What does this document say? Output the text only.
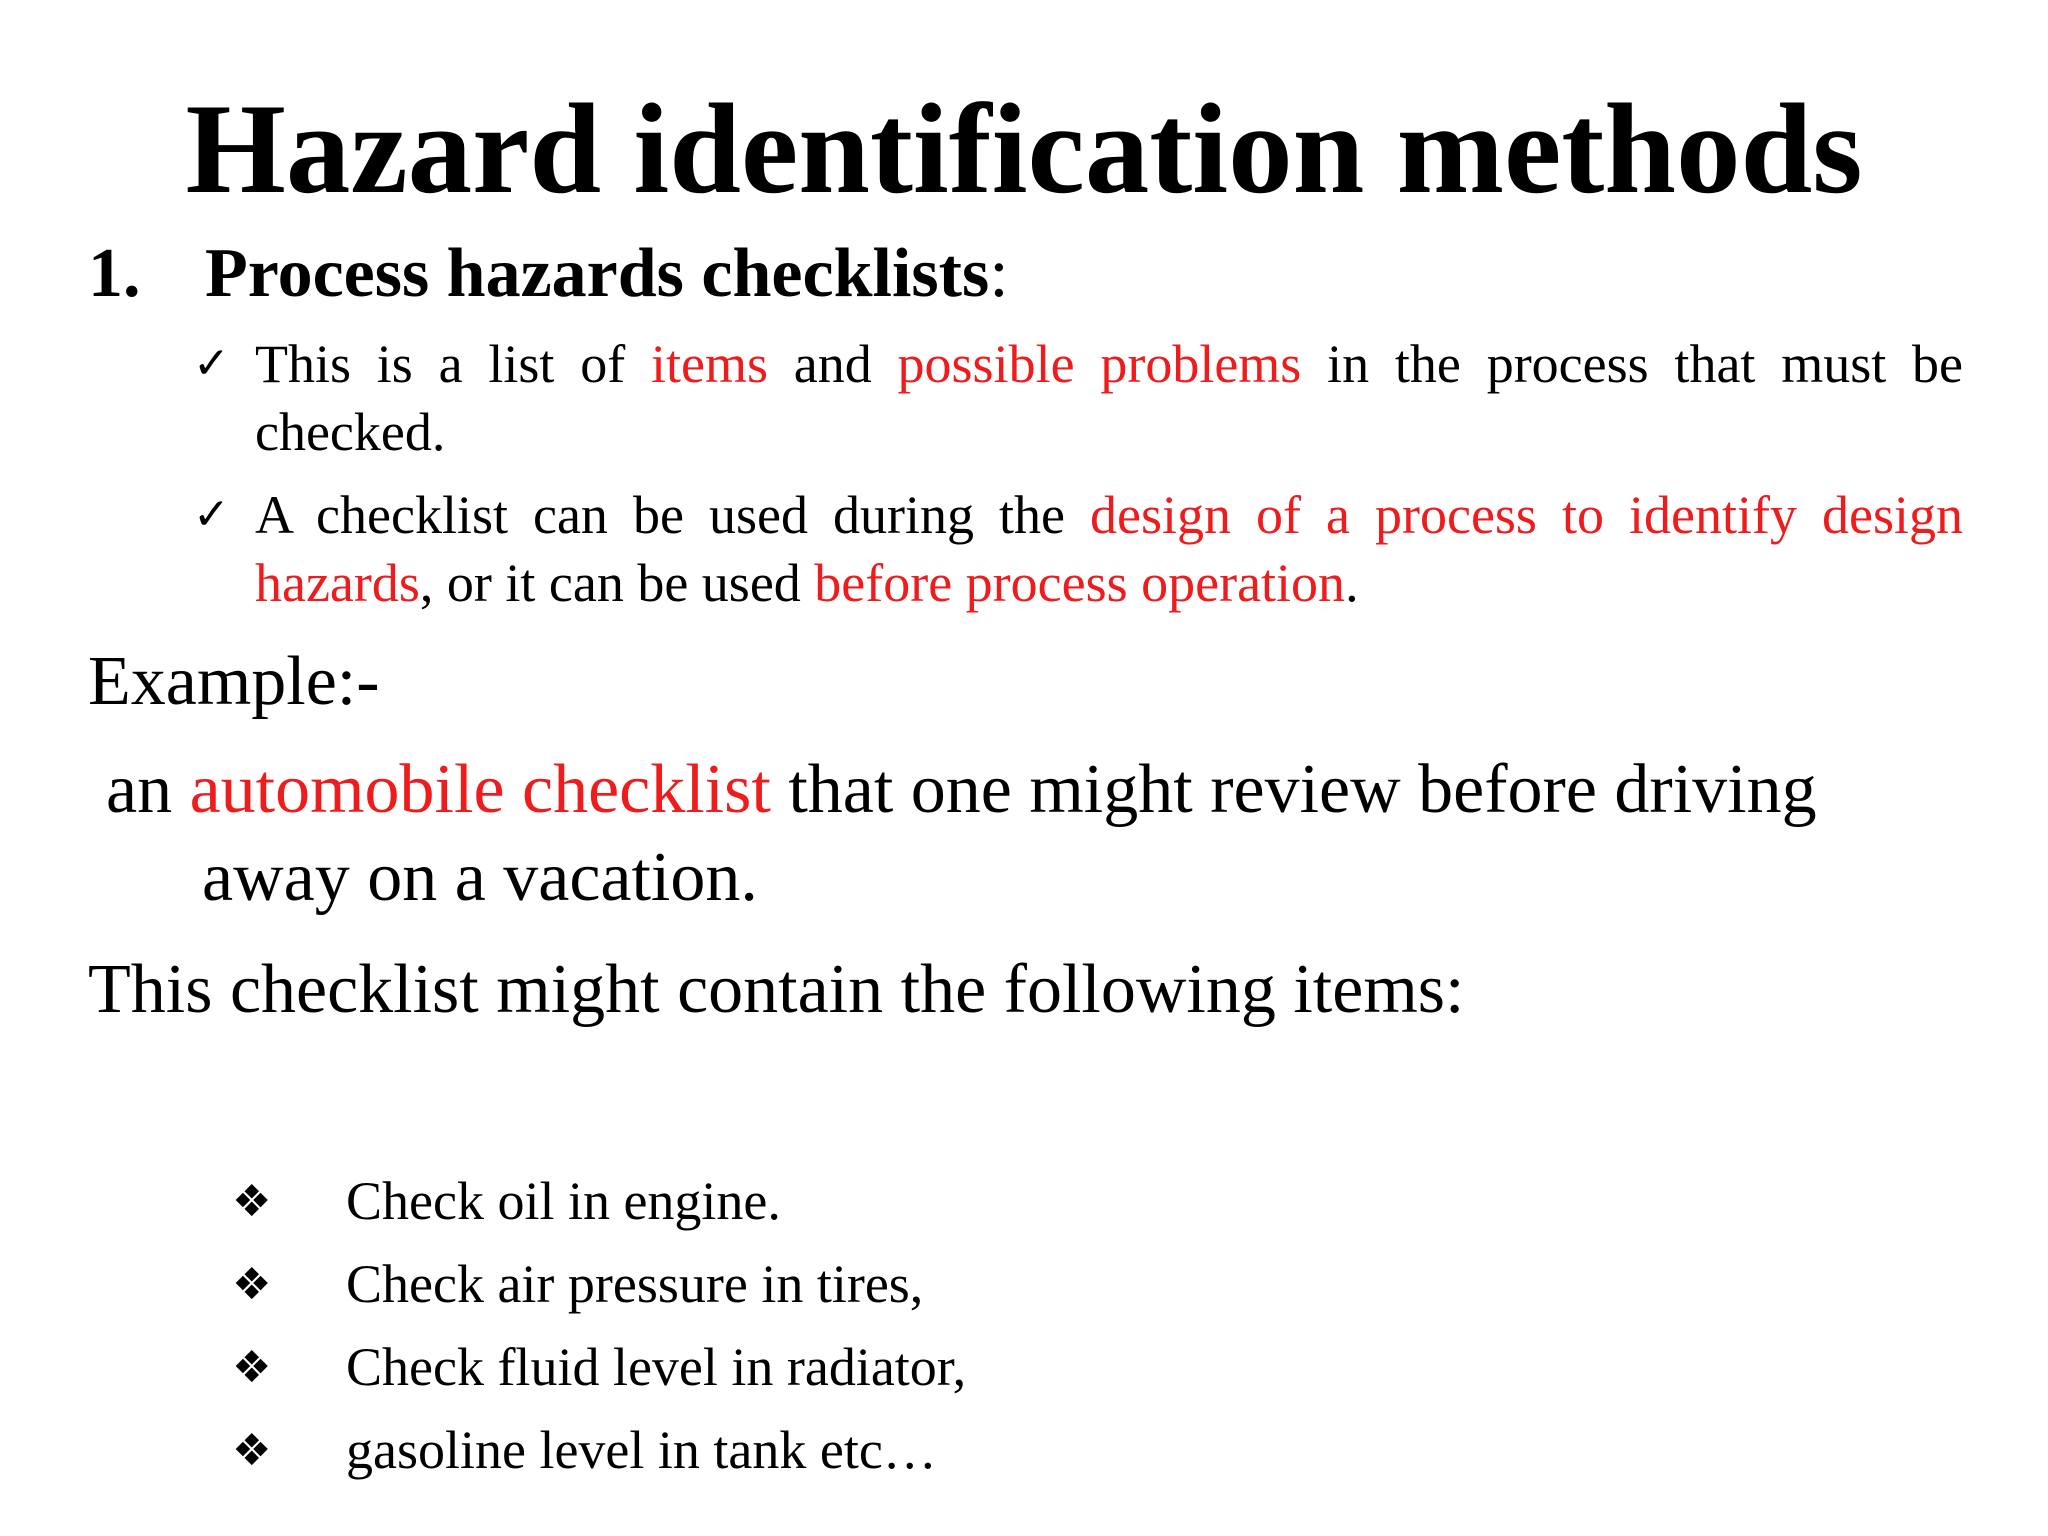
Hazard identification methods
1. Process hazards checklists:
✓ This is a list of items and possible problems in the process that must be checked.
✓ A checklist can be used during the design of a process to identify design hazards, or it can be used before process operation.
Example:-
an automobile checklist that one might review before driving
away on a vacation.
This checklist might contain the following items:
❖ Check oil in engine.
❖ Check air pressure in tires,
❖ Check fluid level in radiator,
❖ gasoline level in tank etc…
